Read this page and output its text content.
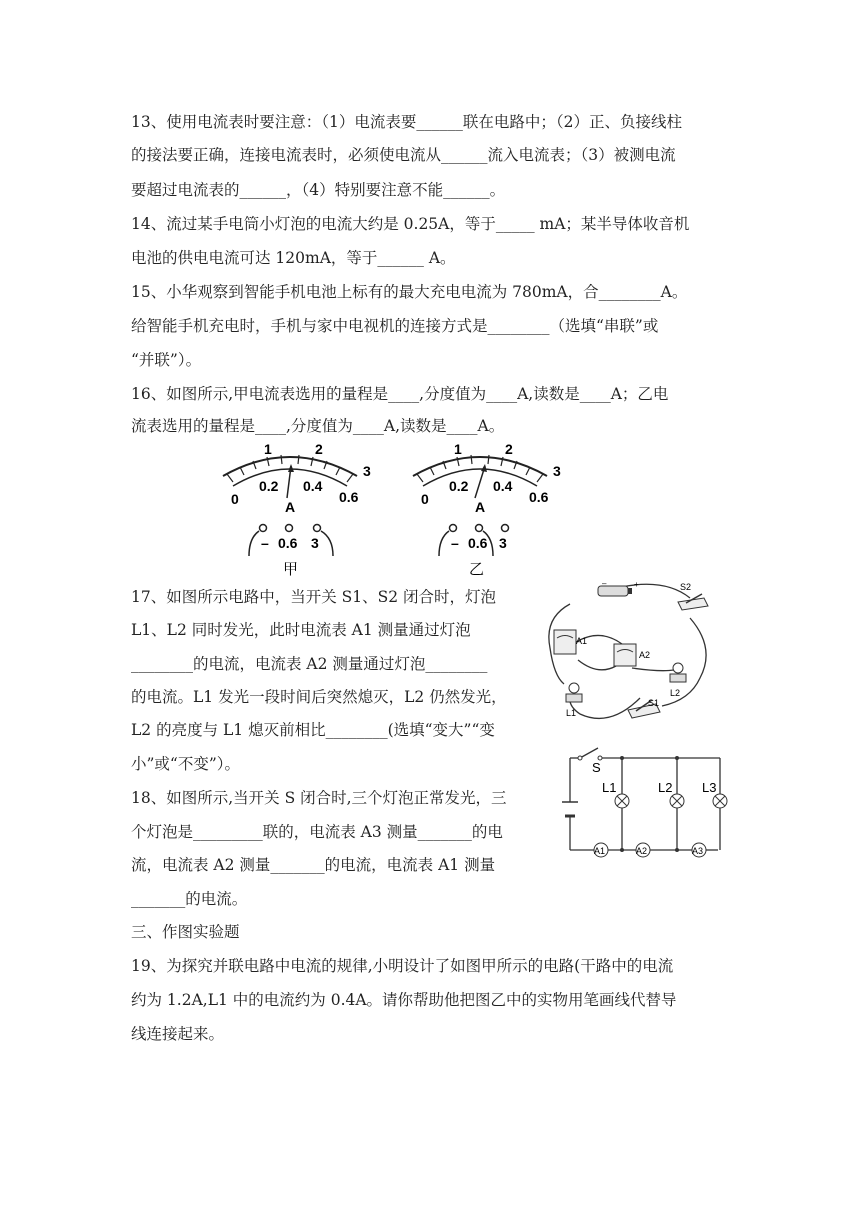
13、使用电流表时要注意：（1）电流表要______联在电路中；（2）正、负接线柱
的接法要正确，连接电流表时，必须使电流从______流入电流表；（3）被测电流
要超过电流表的______，（4）特别要注意不能______。
14、流过某手电筒小灯泡的电流大约是 0.25A，等于_____ mA；某半导体收音机
电池的供电电流可达 120mA，等于______ A。
15、小华观察到智能手机电池上标有的最大充电电流为 780mA，合________A。
给智能手机充电时，手机与家中电视机的连接方式是________（选填“串联”或
“并联”）。
16、如图所示,甲电流表选用的量程是____,分度值为____A,读数是____A；乙电
流表选用的量程是____,分度值为____A,读数是____A。
1	2
3
0
0.2 0.4
0.6
A
– 0.6 3
甲
1	2
3
0
0.2 0.4
0.6
A
– 0.6 3
乙
17、如图所示电路中，当开关 S1、S2 闭合时，灯泡
L1、L2 同时发光，此时电流表 A1 测量通过灯泡
________的电流，电流表 A2 测量通过灯泡________
的电流。L1 发光一段时间后突然熄灭，L2 仍然发光，
L2 的亮度与 L1 熄灭前相比________(选填“变大”“变
小”或“不变”）。
–	+	S2
A1
A2
L2
L1
S1
18、如图所示,当开关 S 闭合时,三个灯泡正常发光，三
个灯泡是_________联的，电流表 A3 测量_______的电
流，电流表 A2 测量_______的电流，电流表 A1 测量
_______的电流。
S
L1	L2 L3
A1	A2	A3
三、作图实验题
19、为探究并联电路中电流的规律,小明设计了如图甲所示的电路(干路中的电流
约为 1.2A,L1 中的电流约为 0.4A。请你帮助他把图乙中的实物用笔画线代替导
线连接起来。
